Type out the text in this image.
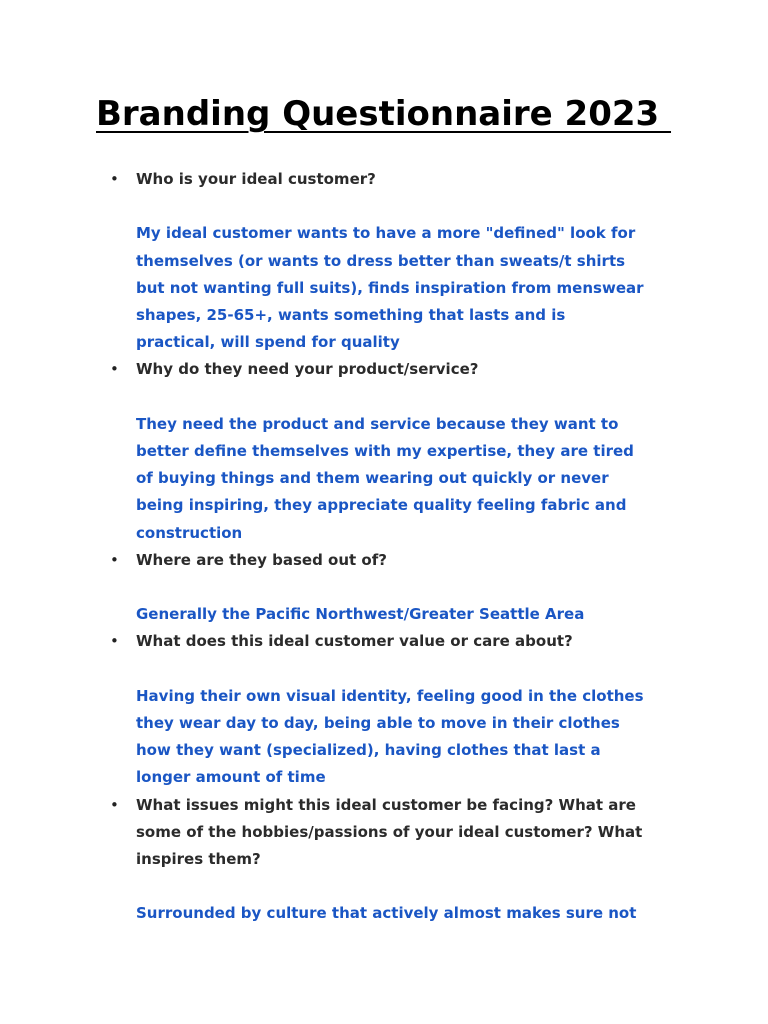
Branding Questionnaire 2023
• Who is your ideal customer?
My ideal customer wants to have a more "defined" look for
themselves (or wants to dress better than sweats/t shirts
but not wanting full suits), finds inspiration from menswear
shapes, 25-65+, wants something that lasts and is
practical, will spend for quality
• Why do they need your product/service?
They need the product and service because they want to
better define themselves with my expertise, they are tired
of buying things and them wearing out quickly or never
being inspiring, they appreciate quality feeling fabric and
construction
• Where are they based out of?
Generally the Pacific Northwest/Greater Seattle Area
• What does this ideal customer value or care about?
Having their own visual identity, feeling good in the clothes
they wear day to day, being able to move in their clothes
how they want (specialized), having clothes that last a
longer amount of time
• What issues might this ideal customer be facing? What are
some of the hobbies/passions of your ideal customer? What
inspires them?
Surrounded by culture that actively almost makes sure not
